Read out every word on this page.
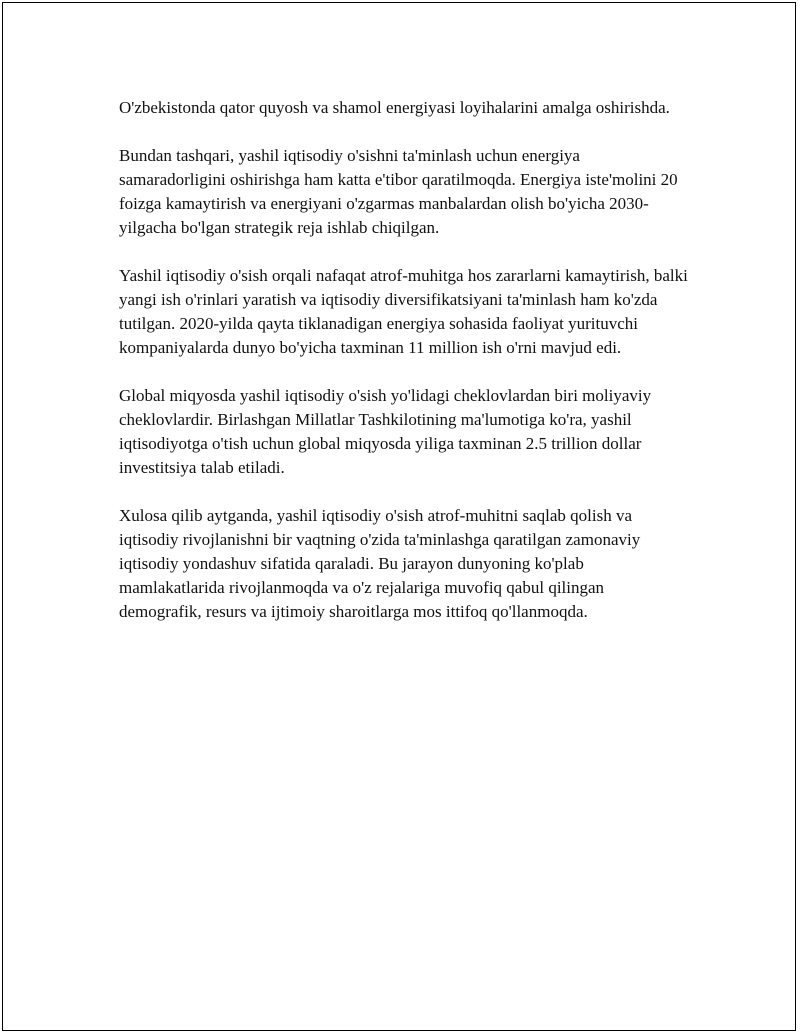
O'zbekistonda qator quyosh va shamol energiyasi loyihalarini amalga oshirishda.

Bundan tashqari, yashil iqtisodiy o'sishni ta'minlash uchun energiya samaradorligini oshirishga ham katta e'tibor qaratilmoqda. Energiya iste'molini 20 foizga kamaytirish va energiyani o'zgarmas manbalardan olish bo'yicha 2030-yilgacha bo'lgan strategik reja ishlab chiqilgan.

Yashil iqtisodiy o'sish orqali nafaqat atrof-muhitga hos zararlarni kamaytirish, balki yangi ish o'rinlari yaratish va iqtisodiy diversifikatsiyani ta'minlash ham ko'zda tutilgan. 2020-yilda qayta tiklanadigan energiya sohasida faoliyat yurituvchi kompaniyalarda dunyo bo'yicha taxminan 11 million ish o'rni mavjud edi.

Global miqyosda yashil iqtisodiy o'sish yo'lidagi cheklovlardan biri moliyaviy cheklovlardir. Birlashgan Millatlar Tashkilotining ma'lumotiga ko'ra, yashil iqtisodiyotga o'tish uchun global miqyosda yiliga taxminan 2.5 trillion dollar investitsiya talab etiladi.

Xulosa qilib aytganda, yashil iqtisodiy o'sish atrof-muhitni saqlab qolish va iqtisodiy rivojlanishni bir vaqtning o'zida ta'minlashga qaratilgan zamonaviy iqtisodiy yondashuv sifatida qaraladi. Bu jarayon dunyoning ko'plab mamlakatlarida rivojlanmoqda va o'z rejalariga muvofiq qabul qilingan demografik, resurs va ijtimoiy sharoitlarga mos ittifoq qo'llanmoqda.
